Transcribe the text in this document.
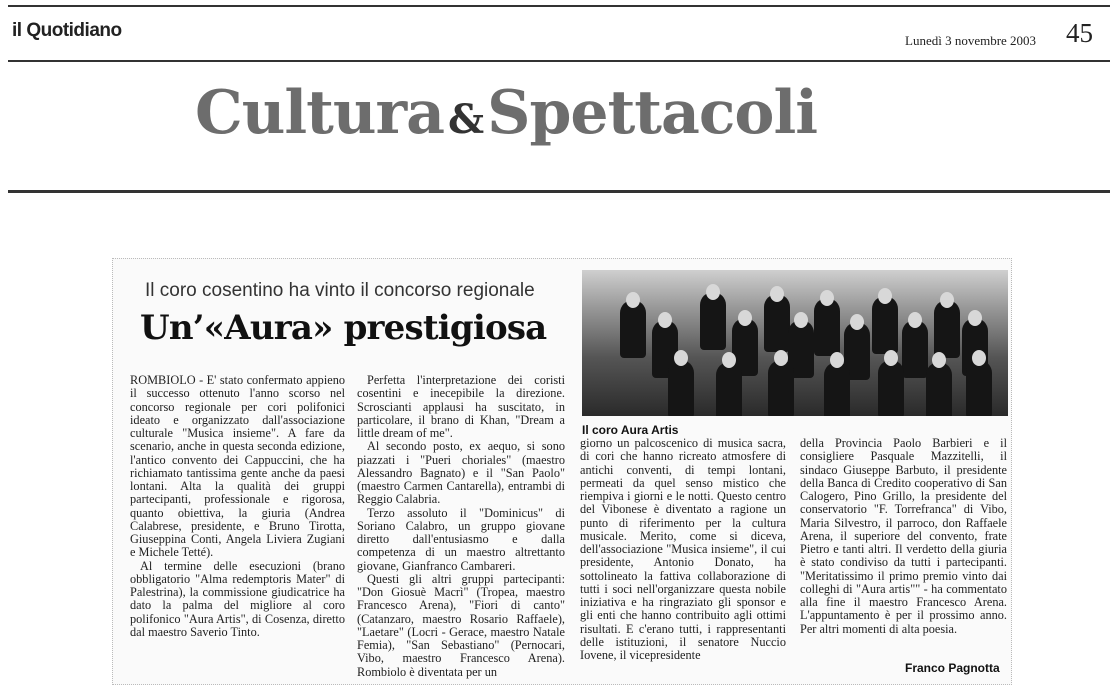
il Quotidiano	Lunedì 3 novembre 2003 45
Cultura &Spettacoli
Il coro cosentino ha vinto il concorso regionale
Un’«Aura» prestigiosa
Il coro Aura Artis

ROMBIOLO - E' stato confermato appieno il successo ottenuto l'anno scorso nel concorso regionale per cori polifonici ideato e organizzato dall'associazione culturale "Musica insieme". A fare da scenario, anche in questa seconda edizione, l'antico convento dei Cappuccini, che ha richiamato tantissima gente anche da paesi lontani. Alta la qualità dei gruppi partecipanti, professionale e rigorosa, quanto obiettiva, la giuria (Andrea Calabrese, presidente, e Bruno Tirotta, Giuseppina Conti, Angela Liviera Zugiani e Michele Tetté).

Al termine delle esecuzioni (brano obbligatorio "Alma redemptoris Mater" di Palestrina), la commissione giudicatrice ha dato la palma del migliore al coro polifonico "Aura Artis", di Cosenza, diretto dal maestro Saverio Tinto.

Perfetta l'interpretazione dei coristi cosentini e inecepibile la direzione. Scroscianti applausi ha suscitato, in particolare, il brano di Khan, "Dream a little dream of me".

Al secondo posto, ex aequo, si sono piazzati i "Pueri choriales" (maestro Alessandro Bagnato) e il "San Paolo" (maestro Carmen Cantarella), entrambi di Reggio Calabria.

Terzo assoluto il "Dominicus" di Soriano Calabro, un gruppo giovane diretto dall'entusiasmo e dalla competenza di un maestro altrettanto giovane, Gianfranco Cambareri.

Questi gli altri gruppi partecipanti: "Don Giosuè Macrì" (Tropea, maestro Francesco Arena), "Fiori di canto" (Catanzaro, maestro Rosario Raffaele), "Laetare" (Locri - Gerace, maestro Natale Femia), "San Sebastiano" (Pernocari, Vibo, maestro Francesco Arena). Rombiolo è diventata per un

giorno un palcoscenico di musica sacra, di cori che hanno ricreato atmosfere di antichi conventi, di tempi lontani, permeati da quel senso mistico che riempiva i giorni e le notti. Questo centro del Vibonese è diventato a ragione un punto di riferimento per la cultura musicale. Merito, come si diceva, dell'associazione "Musica insieme", il cui presidente, Antonio Donato, ha sottolineato la fattiva collaborazione di tutti i soci nell'organizzare questa nobile iniziativa e ha ringraziato gli sponsor e gli enti che hanno contribuito agli ottimi risultati. E c'erano tutti, i rappresentanti delle istituzioni, il senatore Nuccio Iovene, il vicepresidente

della Provincia Paolo Barbieri e il consigliere Pasquale Mazzitelli, il sindaco Giuseppe Barbuto, il presidente della Banca di Credito cooperativo di San Calogero, Pino Grillo, la presidente del conservatorio "F. Torrefranca" di Vibo, Maria Silvestro, il parroco, don Raffaele Arena, il superiore del convento, frate Pietro e tanti altri. Il verdetto della giuria è stato condiviso da tutti i partecipanti. "Meritatissimo il primo premio vinto dai colleghi di "Aura artis"" - ha commentato alla fine il maestro Francesco Arena. L'appuntamento è per il prossimo anno. Per altri momenti di alta poesia.

Franco Pagnotta
